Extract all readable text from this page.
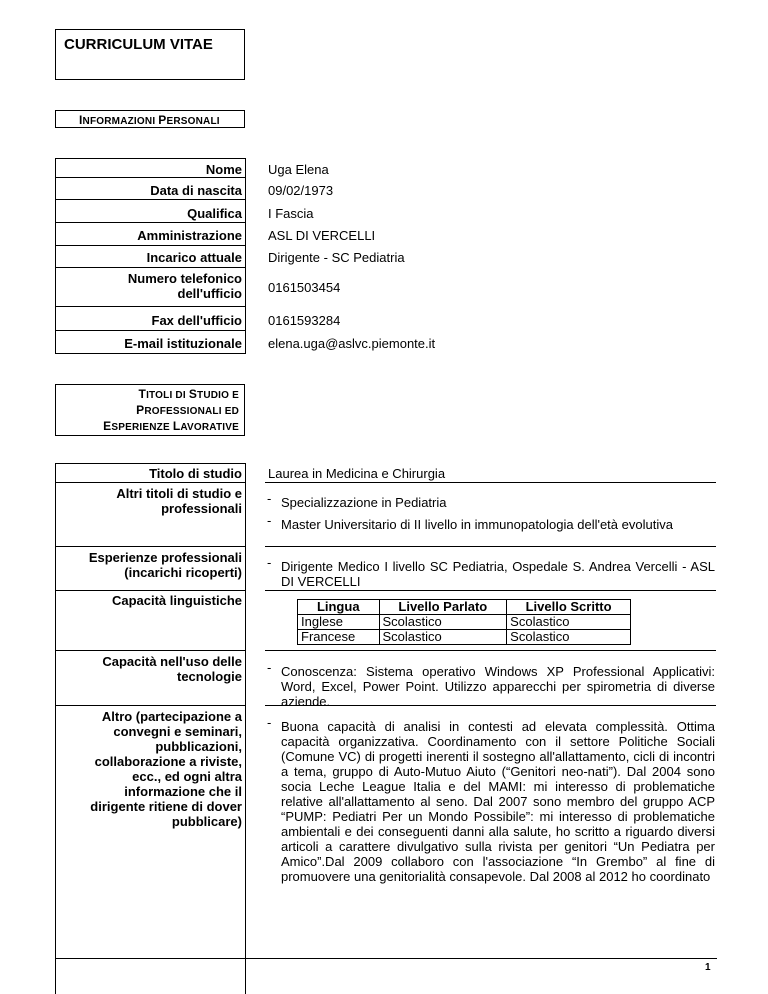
CURRICULUM VITAE
INFORMAZIONI PERSONALI
Nome Uga Elena
Data di nascita 09/02/1973
Qualifica I Fascia
Amministrazione ASL DI VERCELLI
Incarico attuale Dirigente - SC Pediatria
Numero telefonico
dell'ufficio 0161503454
Fax dell'ufficio 0161593284
E-mail istituzionale elena.uga@aslvc.piemonte.it
TITOLI DI STUDIO E
PROFESSIONALI ED
ESPERIENZE LAVORATIVE
Titolo di studio Laurea in Medicina e Chirurgia
Altri titoli di studio e
professionali
- Specializzazione in Pediatria
- Master Universitario di II livello in immunopatologia dell'età evolutiva
Esperienze professionali
(incarichi ricoperti)
- Dirigente Medico I livello SC Pediatria, Ospedale S. Andrea Vercelli - ASL DI VERCELLI
Capacità linguistiche	Lingua	Livello Parlato	Livello Scritto
Inglese	Scolastico	Scolastico
Francese	Scolastico	Scolastico
Capacità nell'uso delle
tecnologie
- Conoscenza: Sistema operativo Windows XP Professional Applicativi: Word, Excel, Power Point. Utilizzo apparecchi per spirometria di diverse aziende.
Altro (partecipazione a
convegni e seminari,
pubblicazioni,
collaborazione a riviste,
ecc., ed ogni altra
informazione che il
dirigente ritiene di dover
pubblicare)
- Buona capacità di analisi in contesti ad elevata complessità. Ottima capacità organizzativa. Coordinamento con il settore Politiche Sociali (Comune VC) di progetti inerenti il sostegno all'allattamento, cicli di incontri a tema, gruppo di Auto-Mutuo Aiuto (“Genitori neo-nati”). Dal 2004 sono socia Leche League Italia e del MAMI: mi interesso di problematiche relative all'allattamento al seno. Dal 2007 sono membro del gruppo ACP “PUMP: Pediatri Per un Mondo Possibile”: mi interesso di problematiche ambientali e dei conseguenti danni alla salute, ho scritto a riguardo diversi articoli a carattere divulgativo sulla rivista per genitori “Un Pediatra per Amico”.Dal 2009 collaboro con l'associazione “In Grembo” al fine di promuovere una genitorialità consapevole. Dal 2008 al 2012 ho coordinato
1
